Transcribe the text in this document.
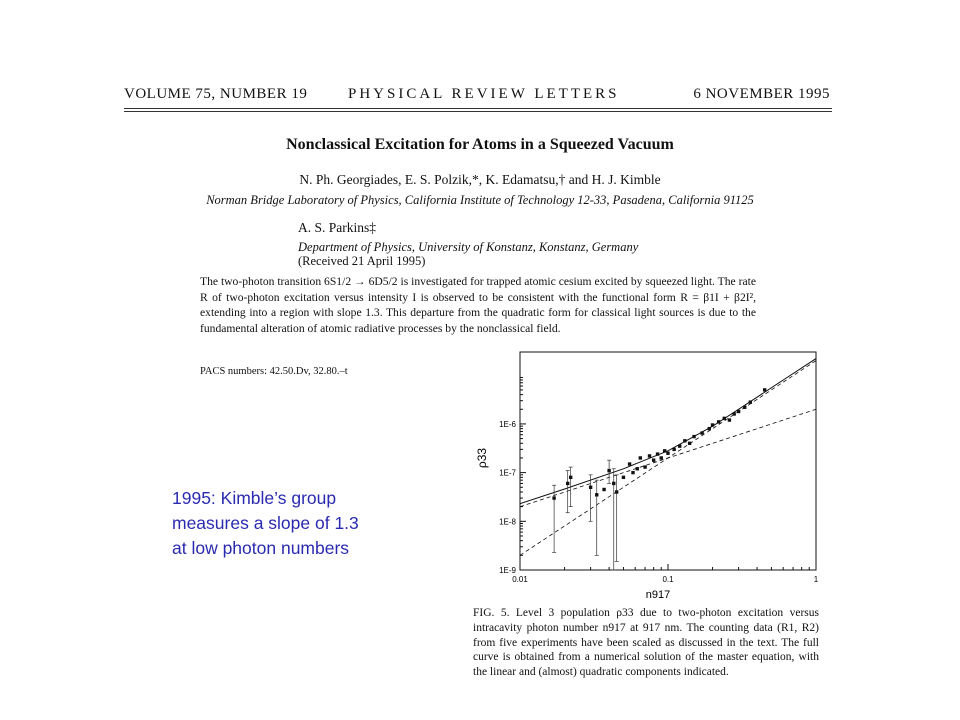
VOLUME 75, NUMBER 19	PHYSICAL REVIEW LETTERS	6 NOVEMBER 1995
Nonclassical Excitation for Atoms in a Squeezed Vacuum
N. Ph. Georgiades, E. S. Polzik,*, K. Edamatsu,† and H. J. Kimble
Norman Bridge Laboratory of Physics, California Institute of Technology 12-33, Pasadena, California 91125
A. S. Parkins‡
Department of Physics, University of Konstanz, Konstanz, Germany
(Received 21 April 1995)
The two-photon transition 6S1/2 → 6D5/2 is investigated for trapped atomic cesium excited by squeezed light. The rate R of two-photon excitation versus intensity I is observed to be consistent with the functional form R = β1I + β2I², extending into a region with slope 1.3. This departure from the quadratic form for classical light sources is due to the fundamental alteration of atomic radiative processes by the nonclassical field.
PACS numbers: 42.50.Dv, 32.80.–t
1995: Kimble’s group
measures a slope of 1.3
at low photon numbers
1E-9
1E-8
1E-7
1E-6
0.01	0.1	1
ρ33
n917
FIG. 5. Level 3 population ρ33 due to two-photon excitation versus intracavity photon number n917 at 917 nm. The counting data (R1, R2) from five experiments have been scaled as discussed in the text. The full curve is obtained from a numerical solution of the master equation, with the linear and (almost) quadratic components indicated.
